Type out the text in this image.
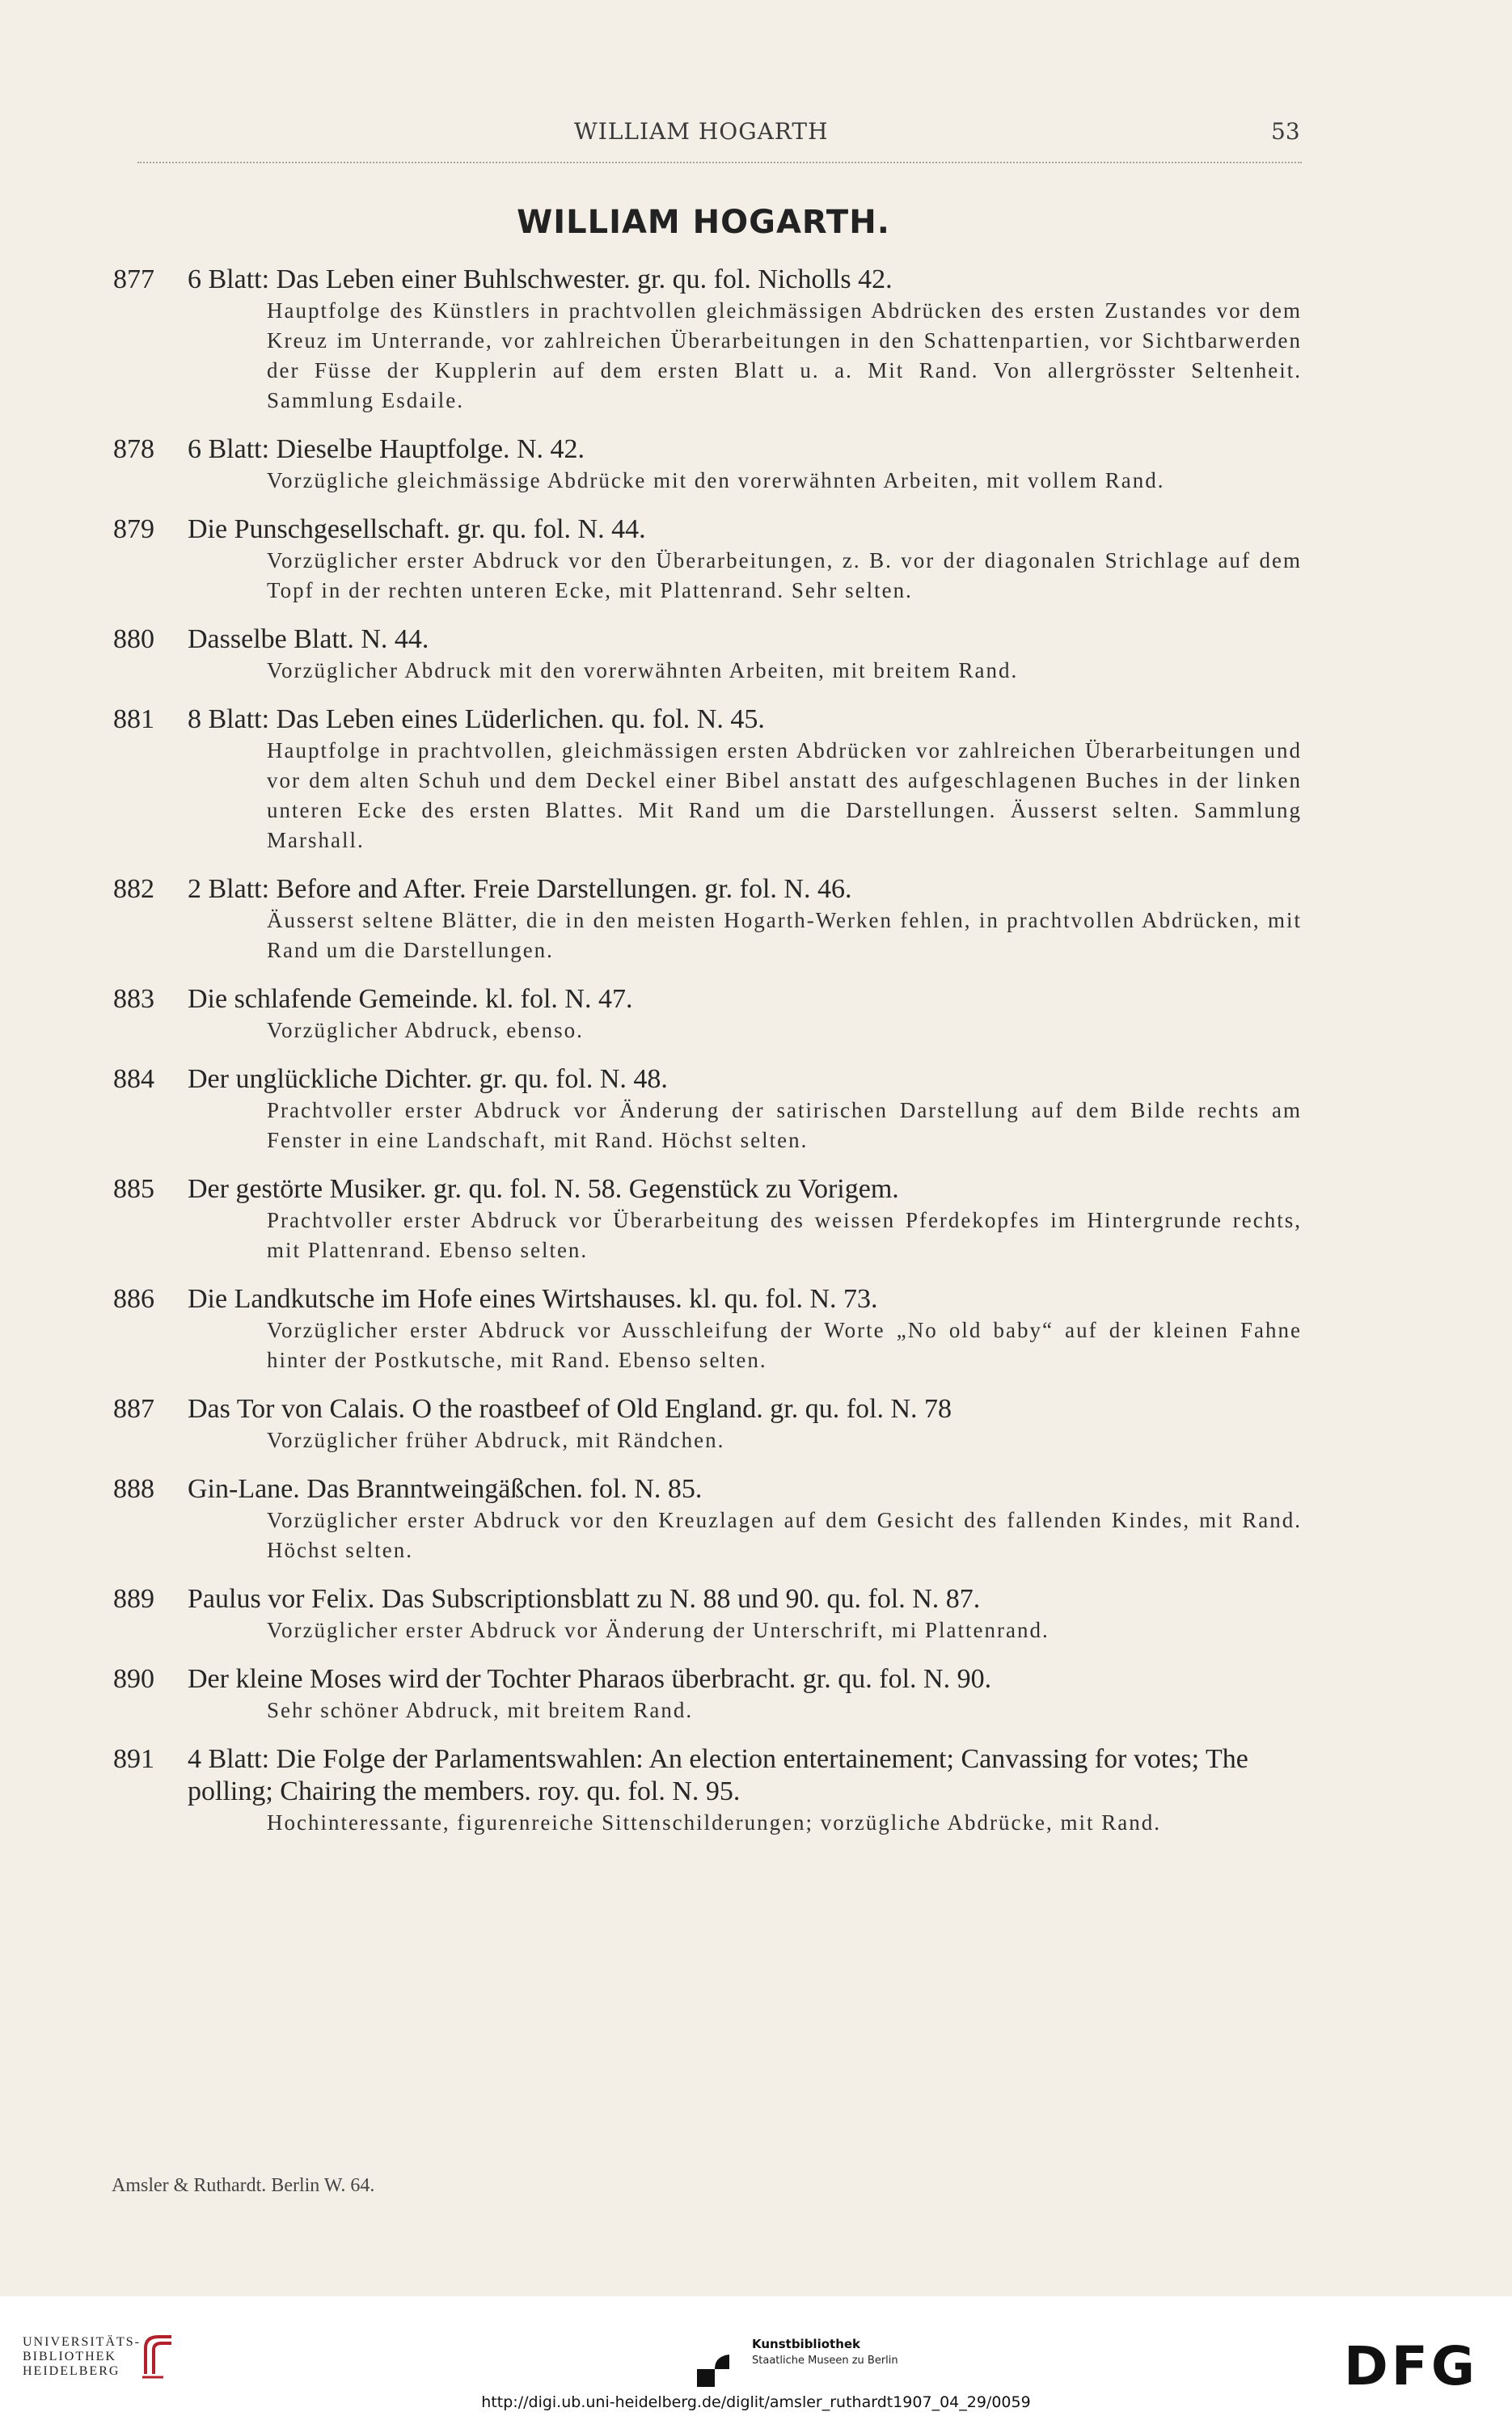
WILLIAM HOGARTH	53
WILLIAM HOGARTH.
877	6 Blatt: Das Leben einer Buhlschwester. gr. qu. fol. Nicholls 42.
Hauptfolge des Künstlers in prachtvollen gleichmässigen Abdrücken des ersten Zustandes vor dem Kreuz im Unterrande, vor zahlreichen Überarbeitungen in den Schattenpartien, vor Sichtbarwerden der Füsse der Kupplerin auf dem ersten Blatt u. a. Mit Rand. Von allergrösster Seltenheit. Sammlung Esdaile.
878	6 Blatt: Dieselbe Hauptfolge. N. 42.
Vorzügliche gleichmässige Abdrücke mit den vorerwähnten Arbeiten, mit vollem Rand.
879	Die Punschgesellschaft. gr. qu. fol. N. 44.
Vorzüglicher erster Abdruck vor den Überarbeitungen, z. B. vor der diagonalen Strichlage auf dem Topf in der rechten unteren Ecke, mit Plattenrand. Sehr selten.
880	Dasselbe Blatt. N. 44.
Vorzüglicher Abdruck mit den vorerwähnten Arbeiten, mit breitem Rand.
881	8 Blatt: Das Leben eines Lüderlichen. qu. fol. N. 45.
Hauptfolge in prachtvollen, gleichmässigen ersten Abdrücken vor zahlreichen Überarbeitungen und vor dem alten Schuh und dem Deckel einer Bibel anstatt des aufgeschlagenen Buches in der linken unteren Ecke des ersten Blattes. Mit Rand um die Darstellungen. Äusserst selten. Sammlung Marshall.
882	2 Blatt: Before and After. Freie Darstellungen. gr. fol. N. 46.
Äusserst seltene Blätter, die in den meisten Hogarth-Werken fehlen, in prachtvollen Abdrücken, mit Rand um die Darstellungen.
883	Die schlafende Gemeinde. kl. fol. N. 47.
Vorzüglicher Abdruck, ebenso.
884	Der unglückliche Dichter. gr. qu. fol. N. 48.
Prachtvoller erster Abdruck vor Änderung der satirischen Darstellung auf dem Bilde rechts am Fenster in eine Landschaft, mit Rand. Höchst selten.
885	Der gestörte Musiker. gr. qu. fol. N. 58. Gegenstück zu Vorigem.
Prachtvoller erster Abdruck vor Überarbeitung des weissen Pferdekopfes im Hintergrunde rechts, mit Plattenrand. Ebenso selten.
886	Die Landkutsche im Hofe eines Wirtshauses. kl. qu. fol. N. 73.
Vorzüglicher erster Abdruck vor Ausschleifung der Worte „No old baby“ auf der kleinen Fahne hinter der Postkutsche, mit Rand. Ebenso selten.
887	Das Tor von Calais. O the roastbeef of Old England. gr. qu. fol. N. 78
Vorzüglicher früher Abdruck, mit Rändchen.
888	Gin-Lane. Das Branntweingäßchen. fol. N. 85.
Vorzüglicher erster Abdruck vor den Kreuzlagen auf dem Gesicht des fallenden Kindes, mit Rand. Höchst selten.
889	Paulus vor Felix. Das Subscriptionsblatt zu N. 88 und 90. qu. fol. N. 87.
Vorzüglicher erster Abdruck vor Änderung der Unterschrift, mi Plattenrand.
890	Der kleine Moses wird der Tochter Pharaos überbracht. gr. qu. fol. N. 90.
Sehr schöner Abdruck, mit breitem Rand.
891	4 Blatt: Die Folge der Parlamentswahlen: An election entertainement; Canvassing for votes; The polling; Chairing the members. roy. qu. fol. N. 95.
Hochinteressante, figurenreiche Sittenschilderungen; vorzügliche Abdrücke, mit Rand.
Amsler & Ruthardt. Berlin W. 64.
UNIVERSITÄTS-
BIBLIOTHEK
HEIDELBERG
Kunstbibliothek
Staatliche Museen zu Berlin	DFG
http://digi.ub.uni-heidelberg.de/diglit/amsler_ruthardt1907_04_29/0059
